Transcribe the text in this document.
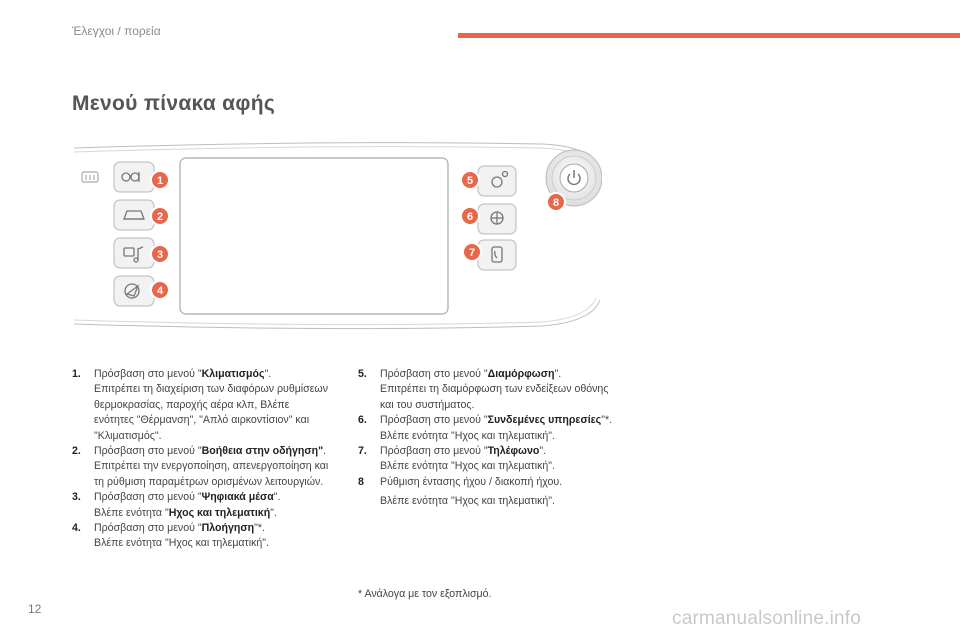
Έλεγχοι / πορεία
Μενού πίνακα αφής
1
2
3
4
5
6
7
8
1. Πρόσβαση στο μενού "Κλιματισμός".
Επιτρέπει τη διαχείριση των διαφόρων ρυθμίσεων θερμοκρασίας, παροχής αέρα κλπ, Βλέπε ενότητες "Θέρμανση", "Απλό αιρκοντίσιον" και "Κλιματισμός".
2. Πρόσβαση στο μενού "Βοήθεια στην οδήγηση".
Επιτρέπει την ενεργοποίηση, απενεργοποίηση και τη ρύθμιση παραμέτρων ορισμένων λειτουργιών.
3. Πρόσβαση στο μενού "Ψηφιακά μέσα".
Βλέπε ενότητα "Ηχος και τηλεματική".
4. Πρόσβαση στο μενού "Πλοήγηση"*.
Βλέπε ενότητα "Ηχος και τηλεματική".
5. Πρόσβαση στο μενού "Διαμόρφωση".
Επιτρέπει τη διαμόρφωση των ενδείξεων οθόνης και του συστήματος.
6. Πρόσβαση στο μενού "Συνδεμένες υπηρεσίες"*.
Βλέπε ενότητα "Ηχος και τηλεματική".
7. Πρόσβαση στο μενού "Τηλέφωνο".
Βλέπε ενότητα "Ηχος και τηλεματική".
8 Ρύθμιση έντασης ήχου / διακοπή ήχου.

Βλέπε ενότητα "Ηχος και τηλεματική".
* Ανάλογα με τον εξοπλισμό.
12	carmanualsonline.info
